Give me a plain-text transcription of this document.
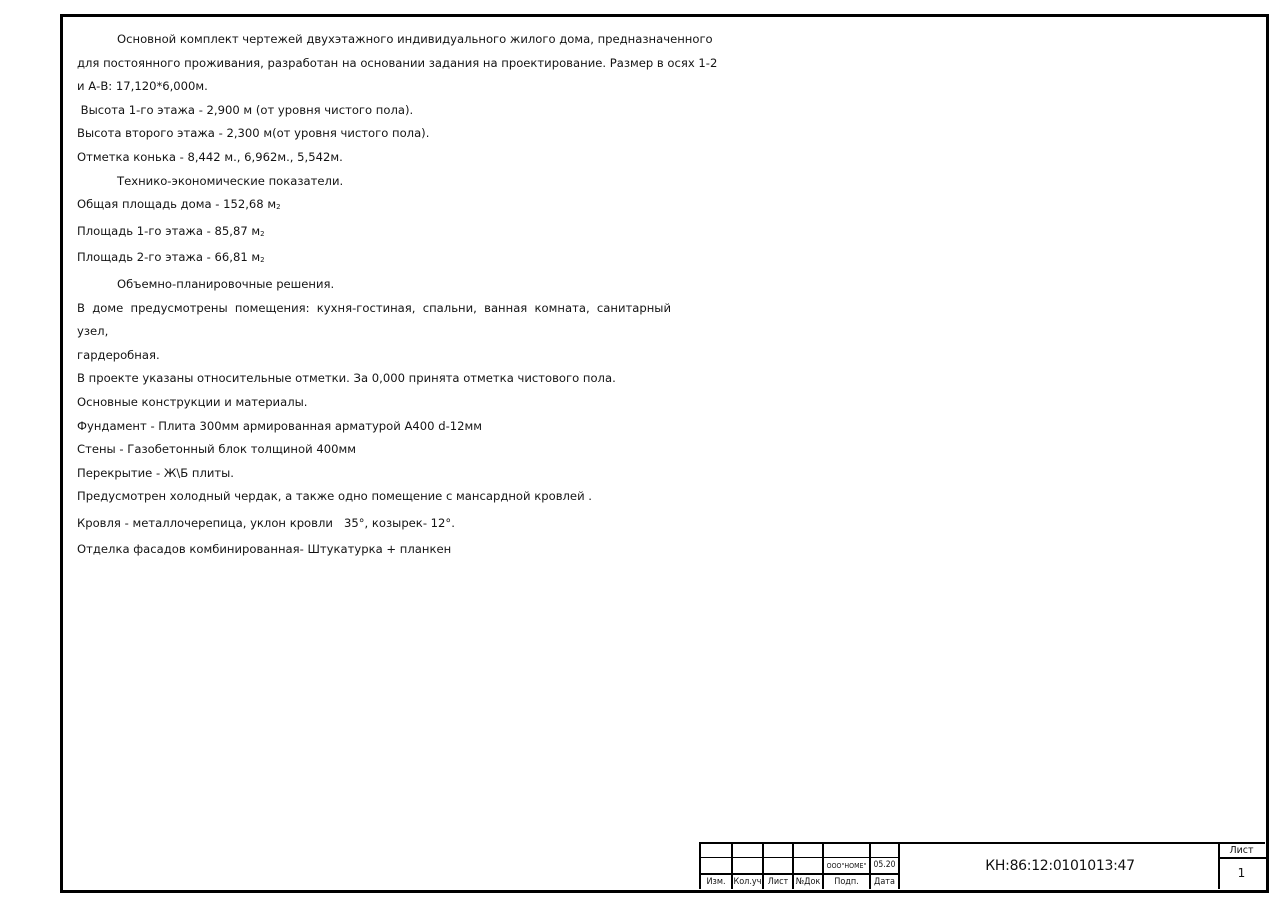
Основной комплект чертежей двухэтажного индивидуального жилого дома, предназначенного

для постоянного проживания, разработан на основании задания на проектирование. Размер в осях 1-2

и А-В: 17,120*6,000м.

Высота 1-го этажа - 2,900 м (от уровня чистого пола).

Высота второго этажа - 2,300 м(от уровня чистого пола).

Отметка конька - 8,442 м., 6,962м., 5,542м.

Технико-экономические показатели.

Общая площадь дома - 152,68 $м_2$

Площадь 1-го этажа - 85,87 $м_2$

Площадь 2-го этажа - 66,81 $м_2$

Объемно-планировочные решения.

В доме предусмотрены помещения: кухня-гостиная, спальни, ванная комната, санитарный узел,

гардеробная.

В проекте указаны относительные отметки. За 0,000 принята отметка чистового пола.

Основные конструкции и материалы.

Фундамент - Плита 300мм армированная арматурой А400 d-12мм

Стены - Газобетонный блок толщиной 400мм

Перекрытие - Ж\Б плиты.

Предусмотрен холодный чердак, а также одно помещение с мансардной кровлей .

Кровля - металлочерепица, уклон кровли   35°, козырек- 12°.

Отделка фасадов комбинированная- Штукатурка + планкен

ООО"HOME" 05.20
Изм. Кол.уч Лист №Док	Подп.	Дата
КН:86:12:0101013:47
Лист
1
